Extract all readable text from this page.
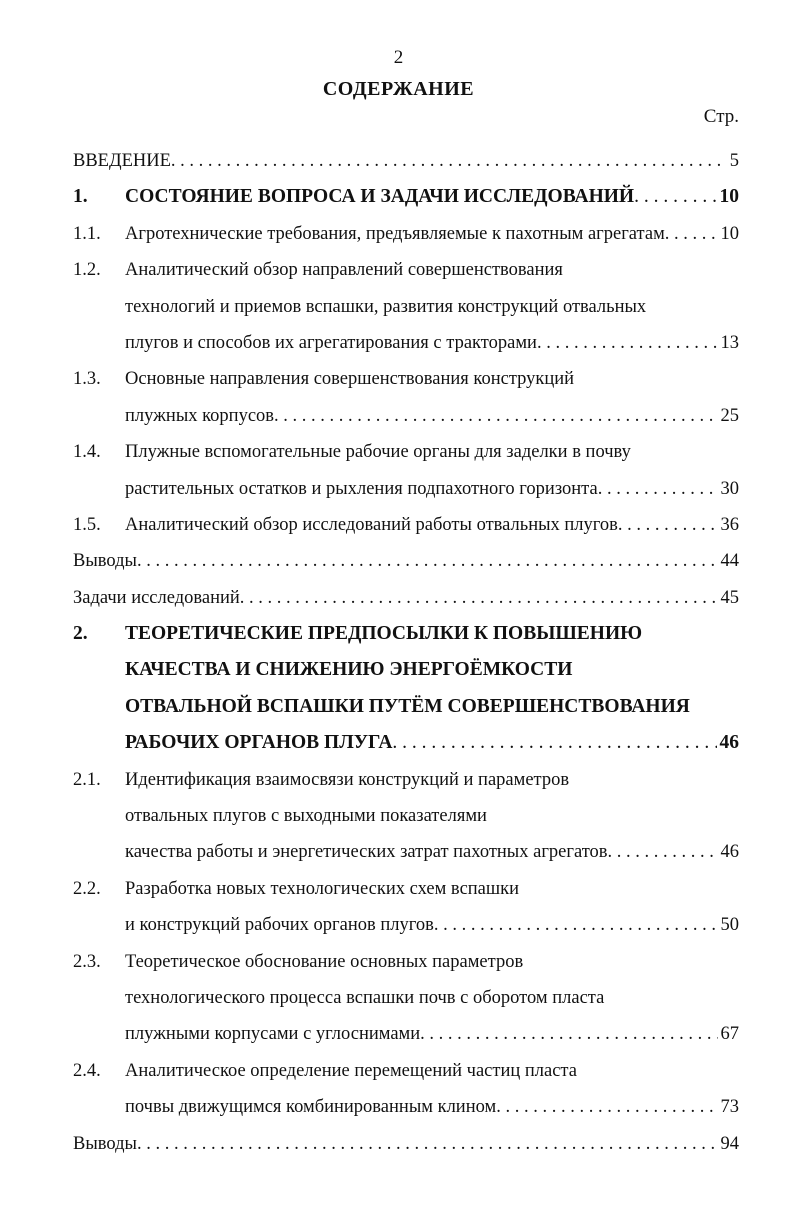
2
СОДЕРЖАНИЕ
Стр.
ВВЕДЕНИЕ . . .	5
1.	СОСТОЯНИЕ ВОПРОСА И ЗАДАЧИ ИССЛЕДОВАНИЙ . . .	10
1.1.	Агротехнические требования, предъявляемые к пахотным агрегатам . . .	10
1.2.	Аналитический обзор направлений совершенствования
технологий и приемов вспашки, развития конструкций отвальных
плугов и способов их агрегатирования с тракторами . . .	13
1.3.	Основные направления совершенствования конструкций
плужных корпусов . . .	25
1.4.	Плужные вспомогательные рабочие органы для заделки в почву
растительных остатков и рыхления подпахотного горизонта . . .	30
1.5.	Аналитический обзор исследований работы отвальных плугов . . .	36
Выводы . . .	44
Задачи исследований . . .	45
2.	ТЕОРЕТИЧЕСКИЕ ПРЕДПОСЫЛКИ К ПОВЫШЕНИЮ
КАЧЕСТВА И СНИЖЕНИЮ ЭНЕРГОЁМКОСТИ
ОТВАЛЬНОЙ ВСПАШКИ ПУТЁМ СОВЕРШЕНСТВОВАНИЯ
РАБОЧИХ ОРГАНОВ ПЛУГА . . .	46
2.1.	Идентификация взаимосвязи конструкций и параметров
отвальных плугов с выходными показателями
качества работы и энергетических затрат пахотных агрегатов . . .	46
2.2.	Разработка новых технологических схем вспашки
и конструкций рабочих органов плугов . . .	50
2.3.	Теоретическое обоснование основных параметров
технологического процесса вспашки почв с оборотом пласта
плужными корпусами с углоснимами . . .	67
2.4.	Аналитическое определение перемещений частиц пласта
почвы движущимся комбинированным клином . . .	73
Выводы . . .	94
